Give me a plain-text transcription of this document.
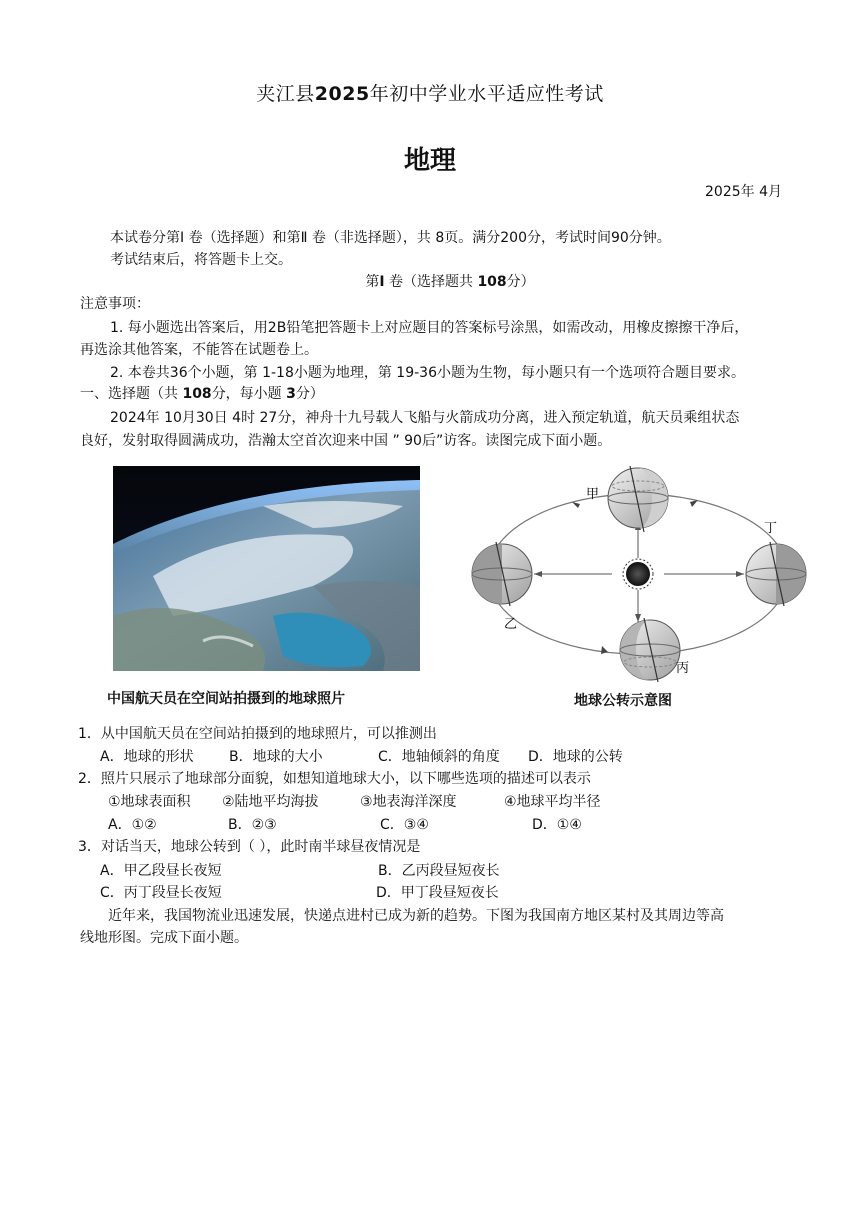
夹江县2025年初中学业水平适应性考试
地理
2025年 4月
本试卷分第Ⅰ 卷（选择题）和第Ⅱ 卷（非选择题），共 8页。满分200分，考试时间90分钟。
考试结束后，将答题卡上交。
第Ⅰ 卷（选择题共 108分）
注意事项：
1. 每小题选出答案后，用2B铅笔把答题卡上对应题目的答案标号涂黑，如需改动，用橡皮擦擦干净后，
再选涂其他答案，不能答在试题卷上。
2. 本卷共36个小题，第 1-18小题为地理，第 19-36小题为生物，每小题只有一个选项符合题目要求。
一、选择题（共 108分，每小题 3分）
2024年 10月30日 4时 27分，神舟十九号载人飞船与火箭成功分离，进入预定轨道，航天员乘组状态
良好，发射取得圆满成功，浩瀚太空首次迎来中国 ” 90后”访客。读图完成下面小题。
中国航天员在空间站拍摄到的地球照片
甲
乙
丙
丁
地球公转示意图
1．从中国航天员在空间站拍摄到的地球照片，可以推测出
A．地球的形状	B．地球的大小	C．地轴倾斜的角度 D．地球的公转
2．照片只展示了地球部分面貌，如想知道地球大小，以下哪些选项的描述可以表示
①地球表面积 ②陆地平均海拔	③地表海洋深度	④地球平均半径
A．①②	B．②③	C．③④	D．①④
3．对话当天，地球公转到（ ），此时南半球昼夜情况是
A．甲乙段昼长夜短	B．乙丙段昼短夜长
C．丙丁段昼长夜短	D．甲丁段昼短夜长
近年来，我国物流业迅速发展，快递点进村已成为新的趋势。下图为我国南方地区某村及其周边等高
线地形图。完成下面小题。
